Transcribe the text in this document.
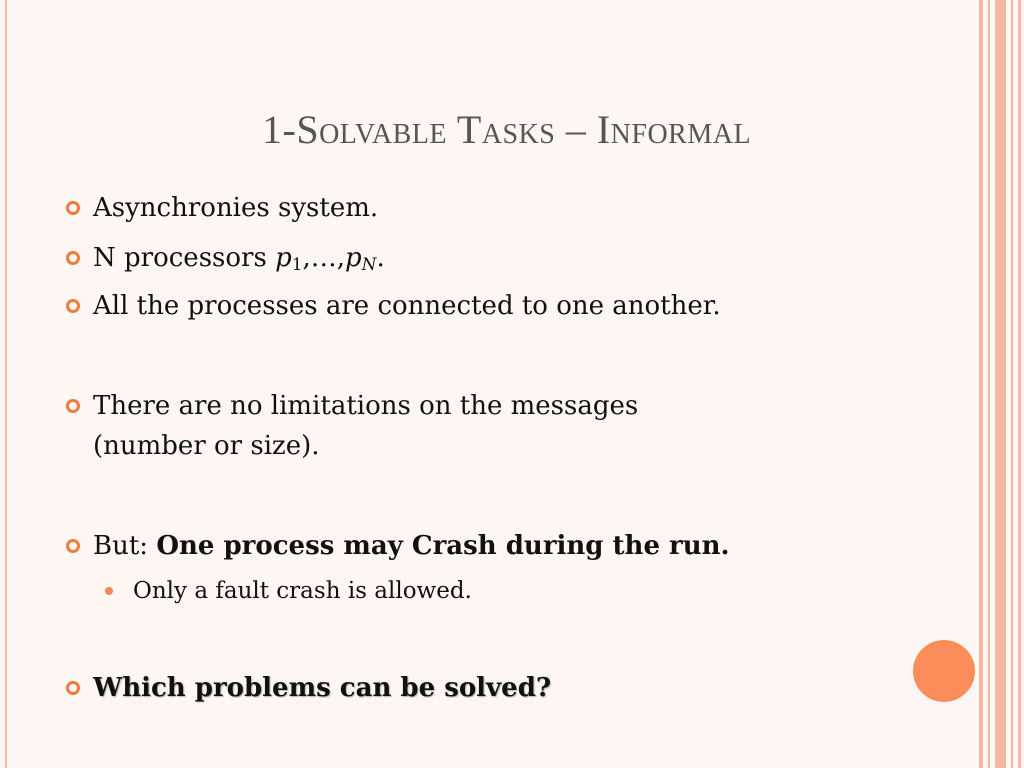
1-Solvable Tasks – Informal
Asynchronies system.
N processors $p_1,\dots,p_N$.
All the processes are connected to one another.
There are no limitations on the messages
(number or size).
But: One process may Crash during the run.
Only a fault crash is allowed.
Which problems can be solved?
